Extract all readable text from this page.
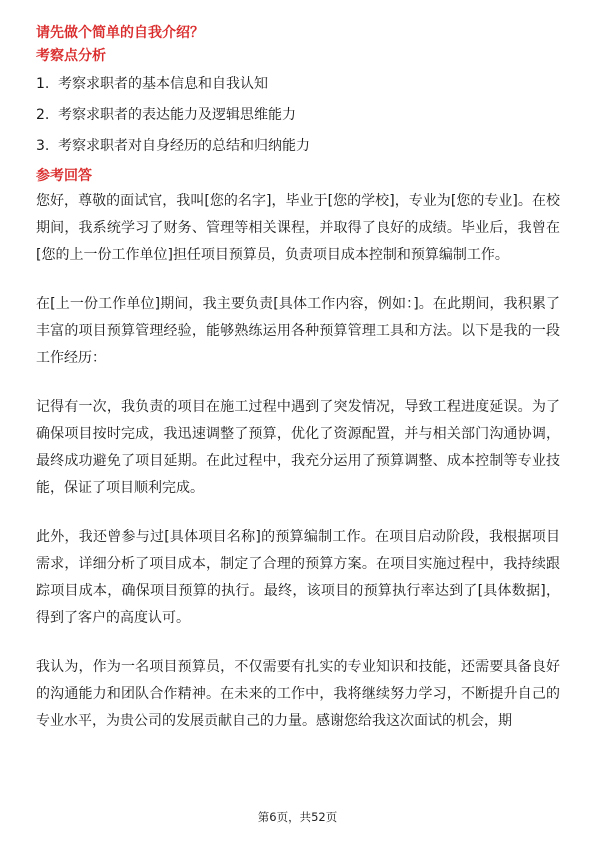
请先做个简单的自我介绍？
考察点分析
1. 考察求职者的基本信息和自我认知
2. 考察求职者的表达能力及逻辑思维能力
3. 考察求职者对自身经历的总结和归纳能力
参考回答

您好，尊敬的面试官，我叫[您的名字]，毕业于[您的学校]，专业为[您的专业]。在校期间，我系统学习了财务、管理等相关课程，并取得了良好的成绩。毕业后，我曾在[您的上一份工作单位]担任项目预算员，负责项目成本控制和预算编制工作。

在[上一份工作单位]期间，我主要负责[具体工作内容，例如：]。在此期间，我积累了丰富的项目预算管理经验，能够熟练运用各种预算管理工具和方法。以下是我的一段工作经历：

记得有一次，我负责的项目在施工过程中遇到了突发情况，导致工程进度延误。为了确保项目按时完成，我迅速调整了预算，优化了资源配置，并与相关部门沟通协调，最终成功避免了项目延期。在此过程中，我充分运用了预算调整、成本控制等专业技能，保证了项目顺利完成。

此外，我还曾参与过[具体项目名称]的预算编制工作。在项目启动阶段，我根据项目需求，详细分析了项目成本，制定了合理的预算方案。在项目实施过程中，我持续跟踪项目成本，确保项目预算的执行。最终，该项目的预算执行率达到了[具体数据]，得到了客户的高度认可。

我认为，作为一名项目预算员，不仅需要有扎实的专业知识和技能，还需要具备良好的沟通能力和团队合作精神。在未来的工作中，我将继续努力学习，不断提升自己的专业水平，为贵公司的发展贡献自己的力量。感谢您给我这次面试的机会，期

第6页，共52页
